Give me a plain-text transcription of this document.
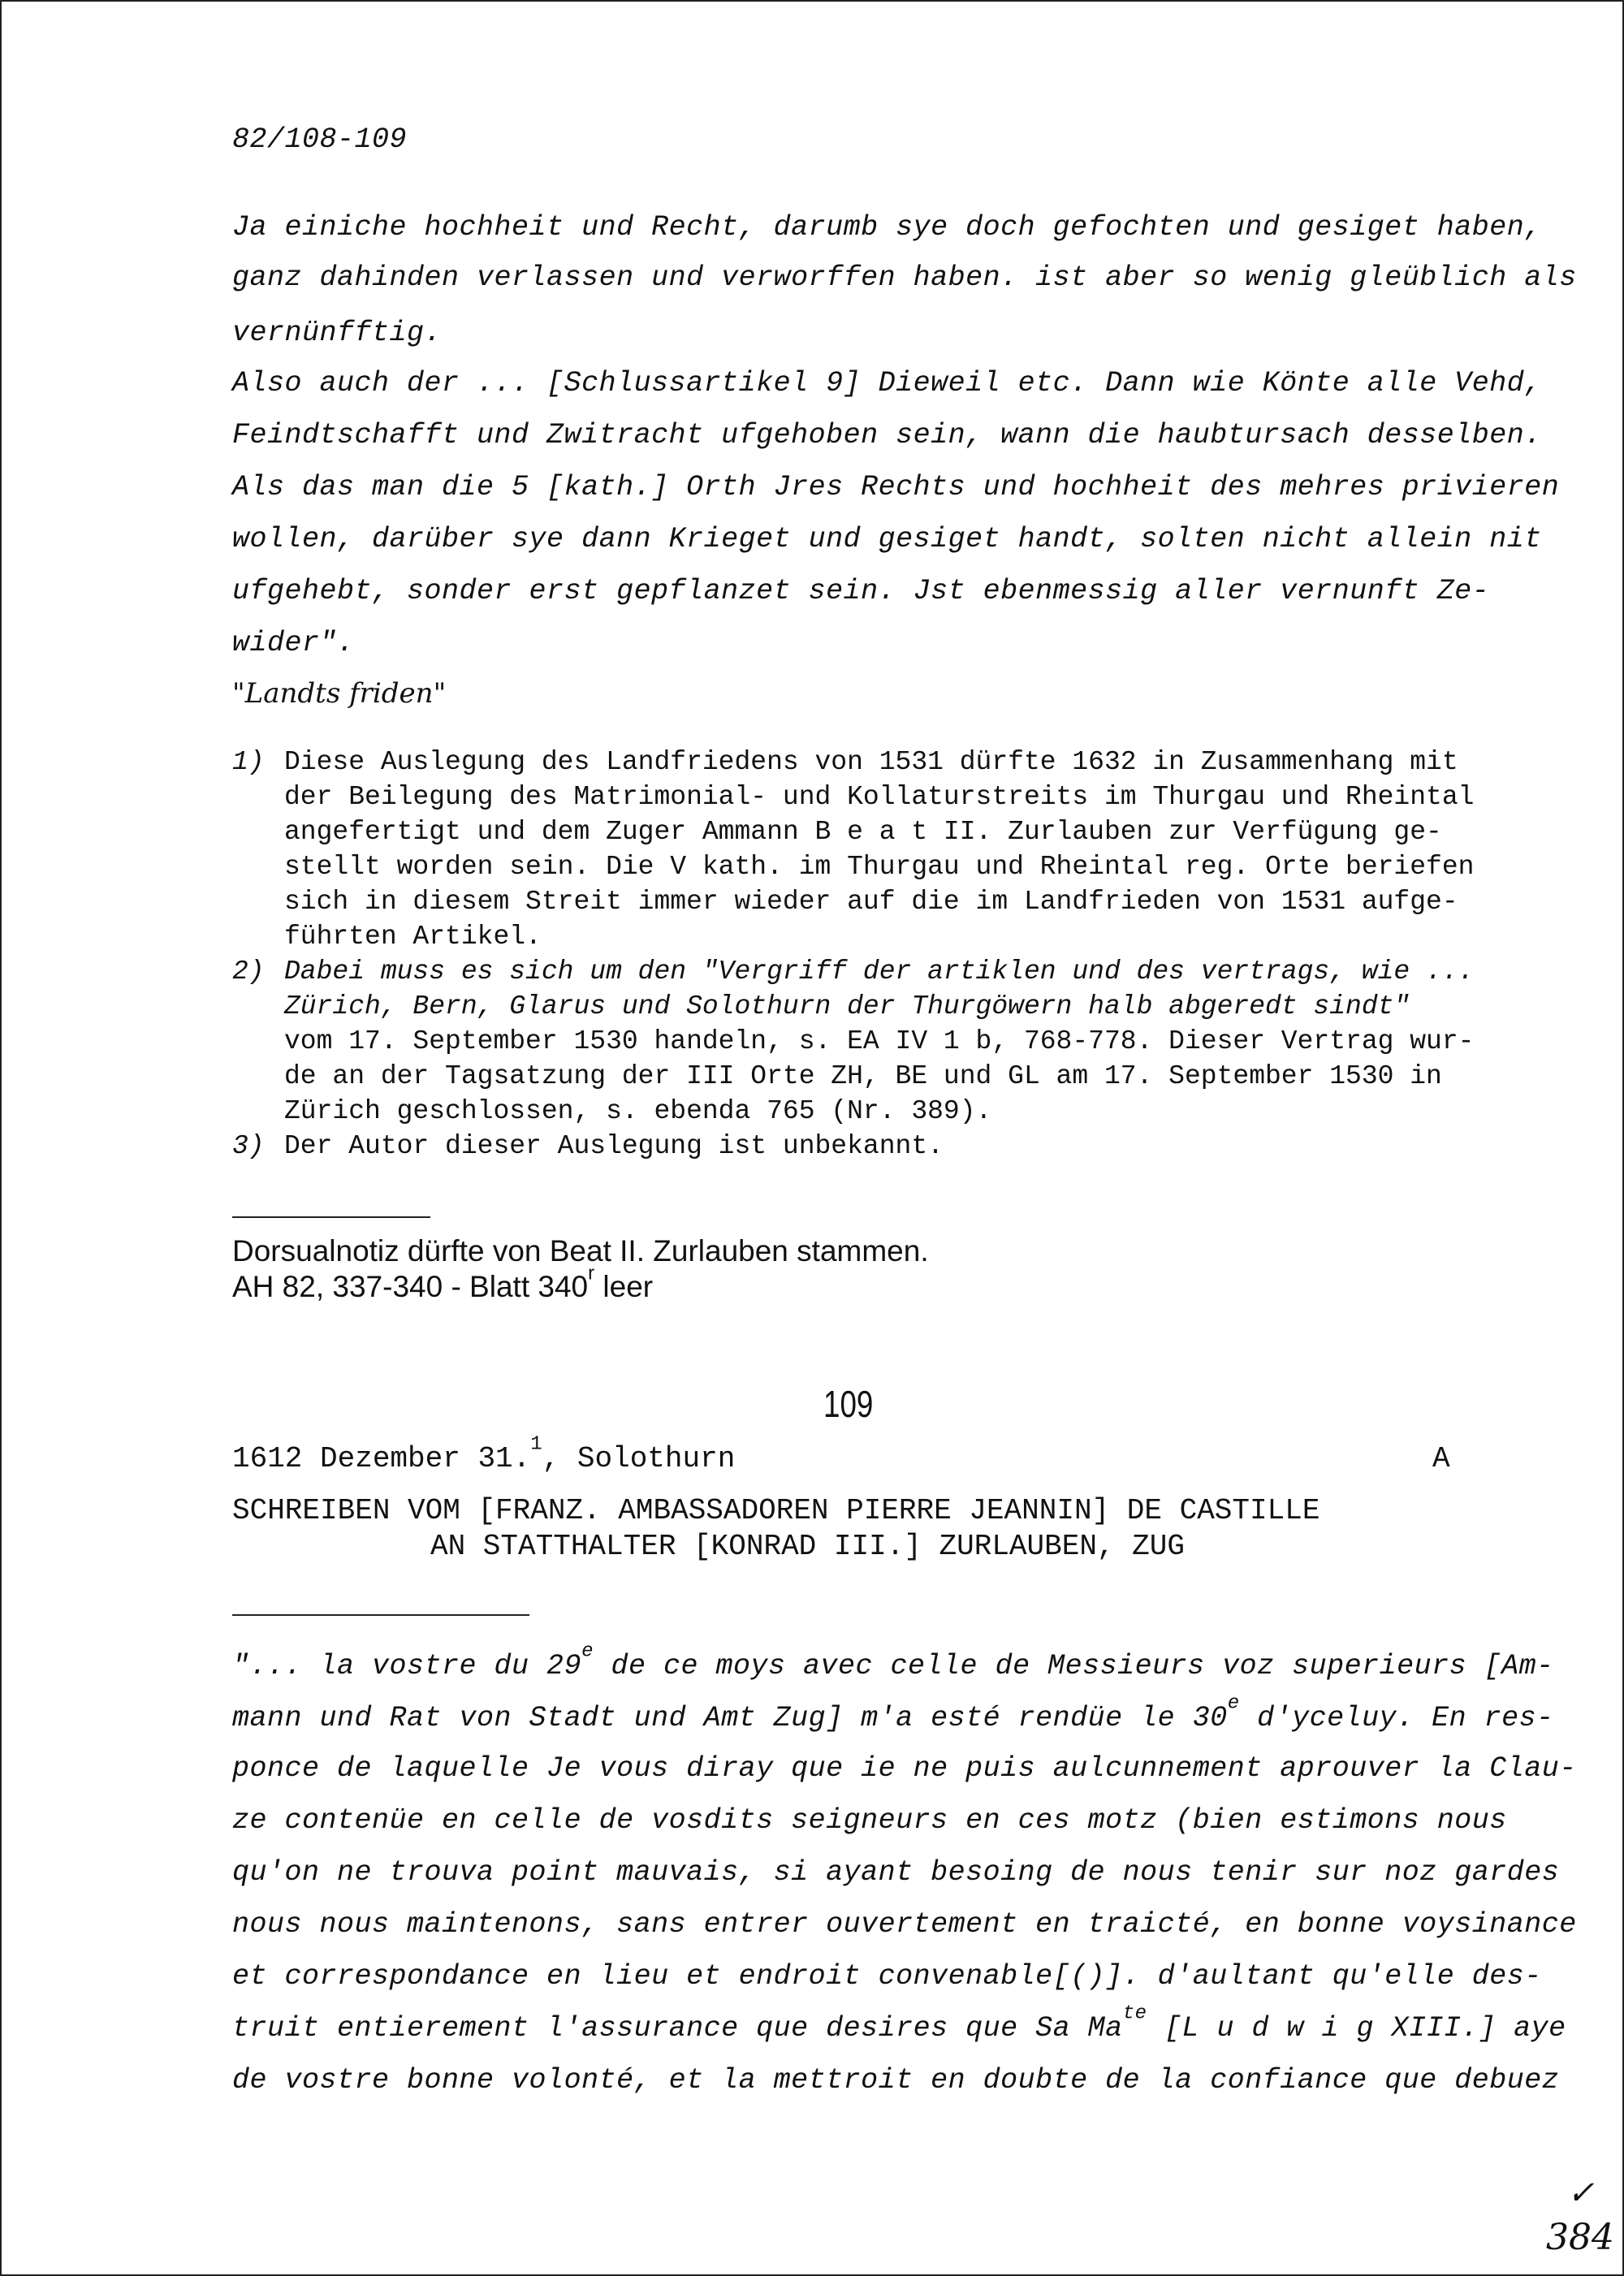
82/108-109
Ja einiche hochheit und Recht, darumb sye doch gefochten und gesiget haben,
ganz dahinden verlassen und verworffen haben. ist aber so wenig gleüblich als
vernünfftig.
Also auch der ... [Schlussartikel 9] Dieweil etc. Dann wie Könte alle Vehd,
Feindtschafft und Zwitracht ufgehoben sein, wann die haubtursach desselben.
Als das man die 5 [kath.] Orth Jres Rechts und hochheit des mehres privieren
wollen, darüber sye dann Krieget und gesiget handt, solten nicht allein nit
ufgehebt, sonder erst gepflanzet sein. Jst ebenmessig aller vernunft Ze-
wider".
"Landts friden"
1) Diese Auslegung des Landfriedens von 1531 dürfte 1632 in Zusammenhang mit
der Beilegung des Matrimonial- und Kollaturstreits im Thurgau und Rheintal
angefertigt und dem Zuger Ammann B e a t II. Zurlauben zur Verfügung ge-
stellt worden sein. Die V kath. im Thurgau und Rheintal reg. Orte beriefen
sich in diesem Streit immer wieder auf die im Landfrieden von 1531 aufge-
führten Artikel.
2) Dabei muss es sich um den "Vergriff der artiklen und des vertrags, wie ...
Zürich, Bern, Glarus und Solothurn der Thurgöwern halb abgeredt sindt"
vom 17. September 1530 handeln, s. EA IV 1 b, 768-778. Dieser Vertrag wur-
de an der Tagsatzung der III Orte ZH, BE und GL am 17. September 1530 in
Zürich geschlossen, s. ebenda 765 (Nr. 389).
3) Der Autor dieser Auslegung ist unbekannt.
Dorsualnotiz dürfte von Beat II. Zurlauben stammen.
AH 82, 337-340 - Blatt 340$^r$ leer
109
1612 Dezember 31.$^1$, Solothurn	A
SCHREIBEN VOM [FRANZ. AMBASSADOREN PIERRE JEANNIN] DE CASTILLE
AN STATTHALTER [KONRAD III.] ZURLAUBEN, ZUG
"... la vostre du 29e de ce moys avec celle de Messieurs voz superieurs [Am-
mann und Rat von Stadt und Amt Zug] m'a esté rendüe le 30e d'yceluy. En res-
ponce de laquelle Je vous diray que ie ne puis aulcunnement aprouver la Clau-
ze contenüe en celle de vosdits seigneurs en ces motz (bien estimons nous
qu'on ne trouva point mauvais, si ayant besoing de nous tenir sur noz gardes
nous nous maintenons, sans entrer ouvertement en traicté, en bonne voysinance
et correspondance en lieu et endroit convenable[()]. d'aultant qu'elle des-
truit entierement l'assurance que desires que Sa $Ma^{te}$ [L u d w i g XIII.] aye
de vostre bonne volonté, et la mettroit en doubte de la confiance que debuez
✓
384
